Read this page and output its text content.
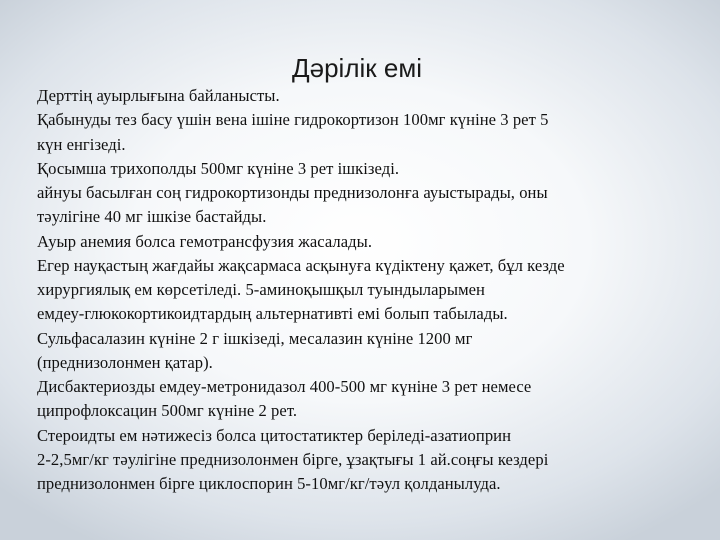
Дәрілік емі
Дерттің ауырлығына байланысты.
Қабынуды тез басу үшін вена ішіне гидрокортизон 100мг күніне 3 рет 5
күн енгізеді.
Қосымша трихополды 500мг күніне 3 рет ішкізеді.
айнуы басылған соң гидрокортизонды преднизолонға ауыстырады, оны
тәулігіне 40 мг ішкізе бастайды.
Ауыр анемия болса гемотрансфузия жасалады.
Егер науқастың жағдайы жақсармаса асқынуға күдіктену қажет, бұл кезде
хирургиялық ем көрсетіледі. 5-аминоқышқыл туындыларымен
емдеу-глюкокортикоидтардың альтернативті емі болып табылады.
Сульфасалазин күніне 2 г ішкізеді, месалазин күніне 1200 мг
(преднизолонмен қатар).
Дисбактериозды емдеу-метронидазол 400-500 мг күніне 3 рет немесе
ципрофлоксацин 500мг күніне 2 рет.
Стероидты ем нәтижесіз болса цитостатиктер беріледі-азатиоприн
2-2,5мг/кг тәулігіне преднизолонмен бірге, ұзақтығы 1 ай.соңғы кездері
преднизолонмен бірге циклоспорин 5-10мг/кг/тәул қолданылуда.
